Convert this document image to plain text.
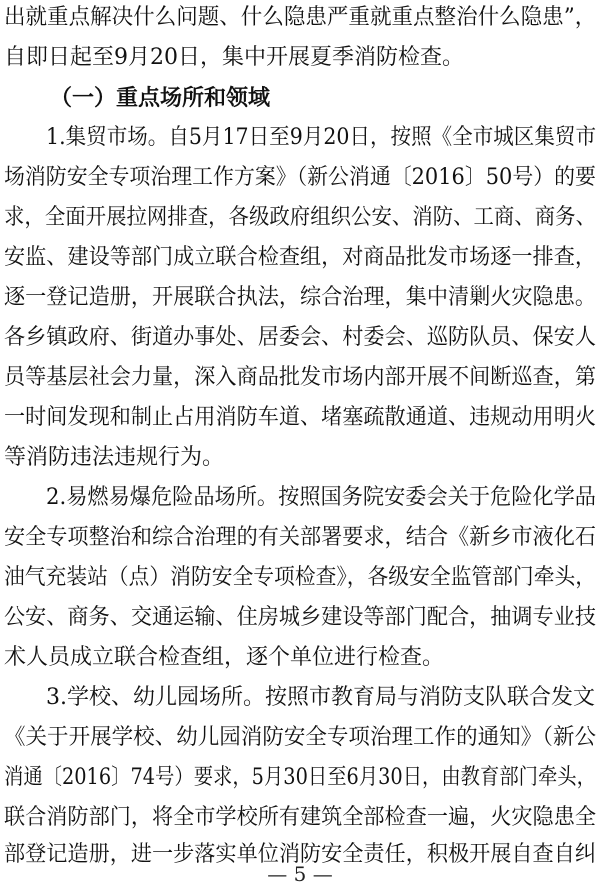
出就重点解决什么问题、什么隐患严重就重点整治什么隐患”，
自即日起至9月20日，集中开展夏季消防检查。
（一）重点场所和领域
1.集贸市场。自5月17日至9月20日，按照《全市城区集贸市
场消防安全专项治理工作方案》（新公消通〔2016〕50号）的要
求，全面开展拉网排查，各级政府组织公安、消防、工商、商务、
安监、建设等部门成立联合检查组，对商品批发市场逐一排查，
逐一登记造册，开展联合执法，综合治理，集中清剿火灾隐患。
各乡镇政府、街道办事处、居委会、村委会、巡防队员、保安人
员等基层社会力量，深入商品批发市场内部开展不间断巡查，第
一时间发现和制止占用消防车道、堵塞疏散通道、违规动用明火
等消防违法违规行为。
2.易燃易爆危险品场所。按照国务院安委会关于危险化学品
安全专项整治和综合治理的有关部署要求，结合《新乡市液化石
油气充装站（点）消防安全专项检查》，各级安全监管部门牵头，
公安、商务、交通运输、住房城乡建设等部门配合，抽调专业技
术人员成立联合检查组，逐个单位进行检查。
3.学校、幼儿园场所。按照市教育局与消防支队联合发文
《关于开展学校、幼儿园消防安全专项治理工作的通知》（新公
消通〔2016〕74号）要求，5月30日至6月30日，由教育部门牵头，
联合消防部门，将全市学校所有建筑全部检查一遍，火灾隐患全
部登记造册，进一步落实单位消防安全责任，积极开展自查自纠
— 5 —
